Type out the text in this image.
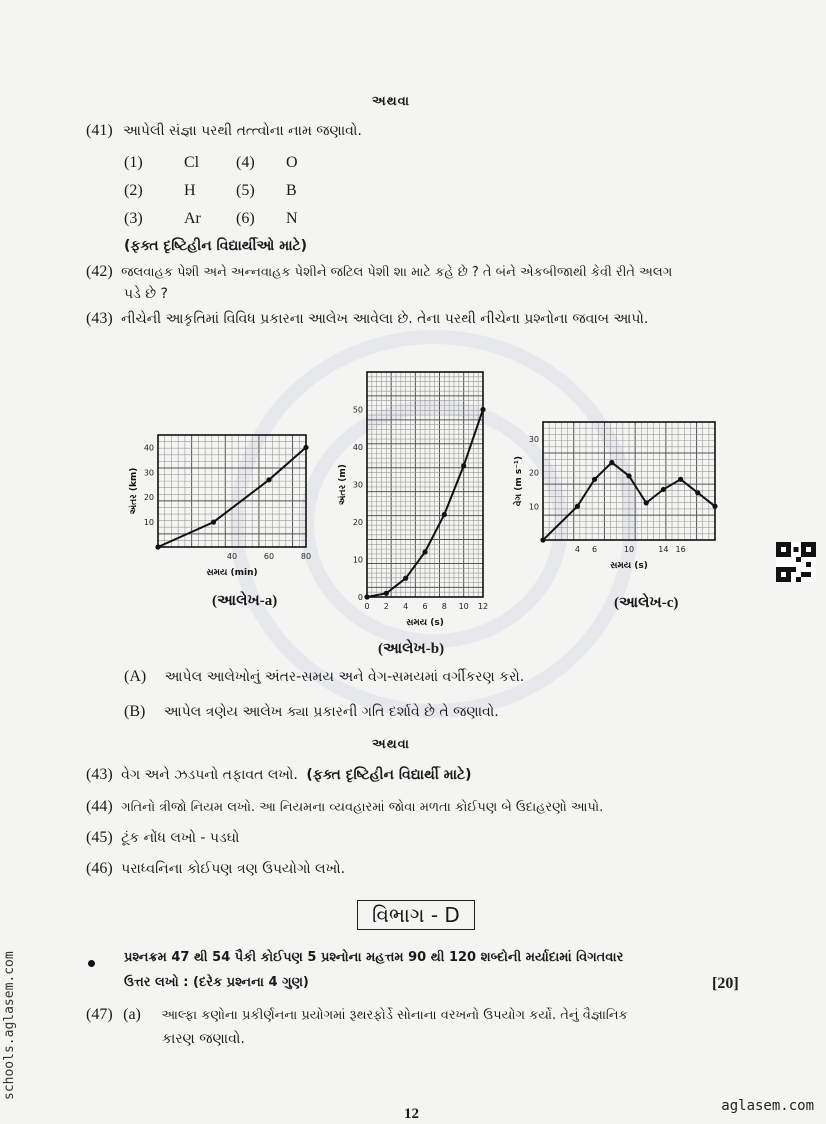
અથવા
(41) આપેલી સંજ્ઞા પરથી તત્ત્વોના નામ જણાવો.
(1)	Cl (4) O
(2)	H	(5) B
(3)	Ar (6) N
(ફક્ત દૃષ્ટિહીન વિદ્યાર્થીઓ માટે)
(42) જલવાહક પેશી અને અન્નવાહક પેશીને જટિલ પેશી શા માટે કહે છે ? તે બંને એકબીજાથી કેવી રીતે અલગ
પડે છે ?
(43) નીચેની આકૃતિમાં વિવિધ પ્રકારના આલેખ આવેલા છે. તેના પરથી નીચેના પ્રશ્નોના જવાબ આપો.
40	60	80
10
20
30
40
સમય (min)
અંતર (km)
0 2 4 6 8 10 12
0
10
20
30
40
50
સમય (s)
અંતર (m)
4 6	10	14 16
10
20
30
સમય (s)
વેગ (m s⁻¹)
(આલેખ-a)
(આલેખ-b)
(આલેખ-c)
(A) આપેલ આલેખોનું અંતર-સમય અને વેગ-સમયમાં વર્ગીકરણ કરો.
(B) આપેલ ત્રણેય આલેખ ક્યા પ્રકારની ગતિ દર્શાવે છે તે જણાવો.
અથવા
(43) વેગ અને ઝડપનો તફાવત લખો. (ફક્ત દૃષ્ટિહીન વિદ્યાર્થી માટે)
(44) ગતિનો ત્રીજો નિયમ લખો. આ નિયમના વ્યવહારમાં જોવા મળતા કોઈપણ બે ઉદાહરણો આપો.
(45) ટૂંક નોંધ લખો - પડઘો
(46) પરાધ્વનિના કોઈપણ ત્રણ ઉપયોગો લખો.
વિભાગ - D
પ્રશ્નક્રમ 47 થી 54 પૈકી કોઈપણ 5 પ્રશ્નોના મહત્તમ 90 થી 120 શબ્દોની મર્યાદામાં વિગતવાર
ઉત્તર લખો : (દરેક પ્રશ્નના 4 ગુણ)	[20]
(47) (a) આલ્ફા કણોના પ્રકીર્ણનના પ્રયોગમાં રૂથરફોર્ડે સોનાના વરખનો ઉપયોગ કર્યો. તેનું વૈજ્ઞાનિક
કારણ જણાવો.
12
schools.aglasem.com
aglasem.com
